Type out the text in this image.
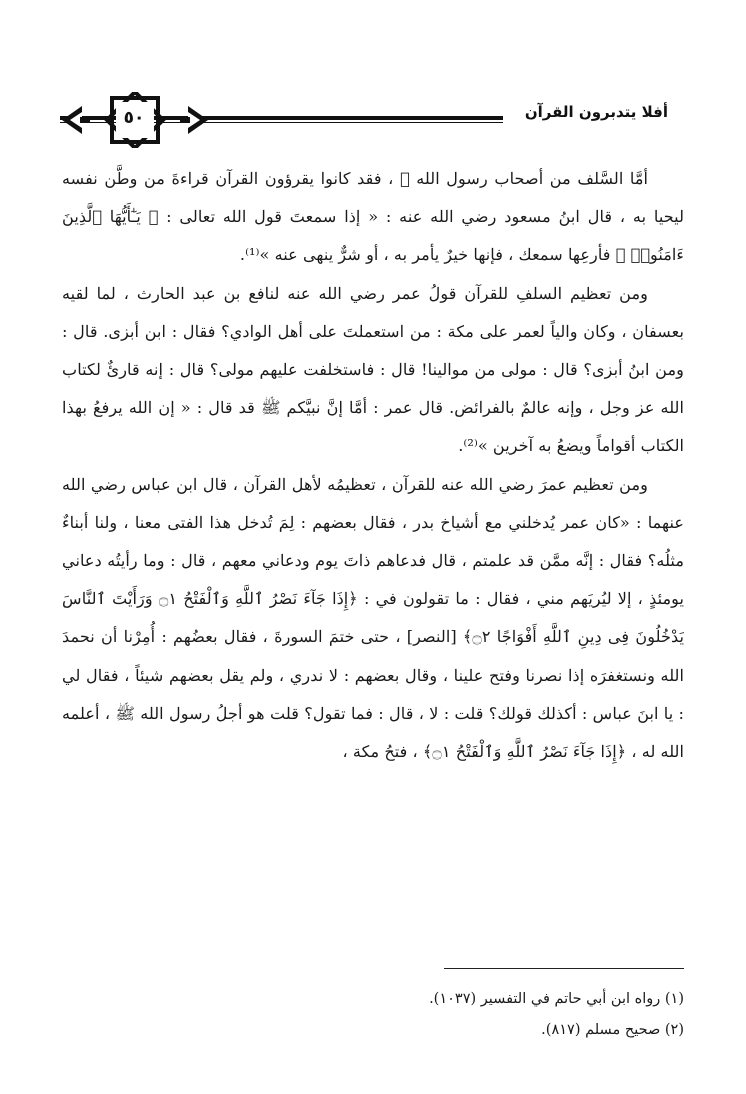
أفلا يتدبرون القرآن
٥٠

أمَّا السَّلف من أصحاب رسول الله ﷺ ، فقد كانوا يقرؤون القرآن قراءةَ من وطَّن نفسه ليحيا به ، قال ابنُ مسعود رضي الله عنه : « إذا سمعتَ قول الله تعالى : ﴿ يَـٰٓأَيُّهَا ٱلَّذِينَ ءَامَنُوا۟ ﴾ فأرعِها سمعك ، فإنها خيرٌ يأمر به ، أو شرٌّ ينهى عنه »⁽¹⁾.

ومن تعظيم السلفِ للقرآن قولُ عمر رضي الله عنه لنافع بن عبد الحارث ، لما لقيه بعسفان ، وكان والياً لعمر على مكة : من استعملتَ على أهل الوادي؟ فقال : ابن أبزى. قال : ومن ابنُ أبزى؟ قال : مولى من موالينا! قال : فاستخلفت عليهم مولى؟ قال : إنه قارئٌ لكتاب الله عز وجل ، وإنه عالمٌ بالفرائض. قال عمر : أمَّا إنَّ نبيَّكم ﷺ قد قال : « إن الله يرفعُ بهذا الكتاب أقواماً ويضعُ به آخرين »⁽²⁾.

ومن تعظيم عمرَ رضي الله عنه للقرآن ، تعظيمُه لأهل القرآن ، قال ابن عباس رضي الله عنهما : «كان عمر يُدخلني مع أشياخ بدر ، فقال بعضهم : لِمَ تُدخل هذا الفتى معنا ، ولنا أبناءٌ مثلُه؟ فقال : إنَّه ممَّن قد علمتم ، قال فدعاهم ذاتَ يوم ودعاني معهم ، قال : وما رأيتُه دعاني يومئذٍ ، إلا ليُريَهم مني ، فقال : ما تقولون في : ﴿إِذَا جَآءَ نَصْرُ ٱللَّهِ وَٱلْفَتْحُ ۝١ وَرَأَيْتَ ٱلنَّاسَ يَدْخُلُونَ فِى دِينِ ٱللَّهِ أَفْوَاجًا ۝٢﴾ [النصر] ، حتى ختمَ السورةَ ، فقال بعضُهم : أُمِرْنا أن نحمدَ الله ونستغفرَه إذا نصرنا وفتح علينا ، وقال بعضهم : لا ندري ، ولم يقل بعضهم شيئاً ، فقال لي : يا ابنَ عباس : أكذلك قولك؟ قلت : لا ، قال : فما تقول؟ قلت هو أجلُ رسول الله ﷺ ، أعلمه الله له ، ﴿إِذَا جَآءَ نَصْرُ ٱللَّهِ وَٱلْفَتْحُ ۝١﴾ ، فتحُ مكة ،

(١) رواه ابن أبي حاتم في التفسير (١٠٣٧).
(٢) صحيح مسلم (٨١٧).
